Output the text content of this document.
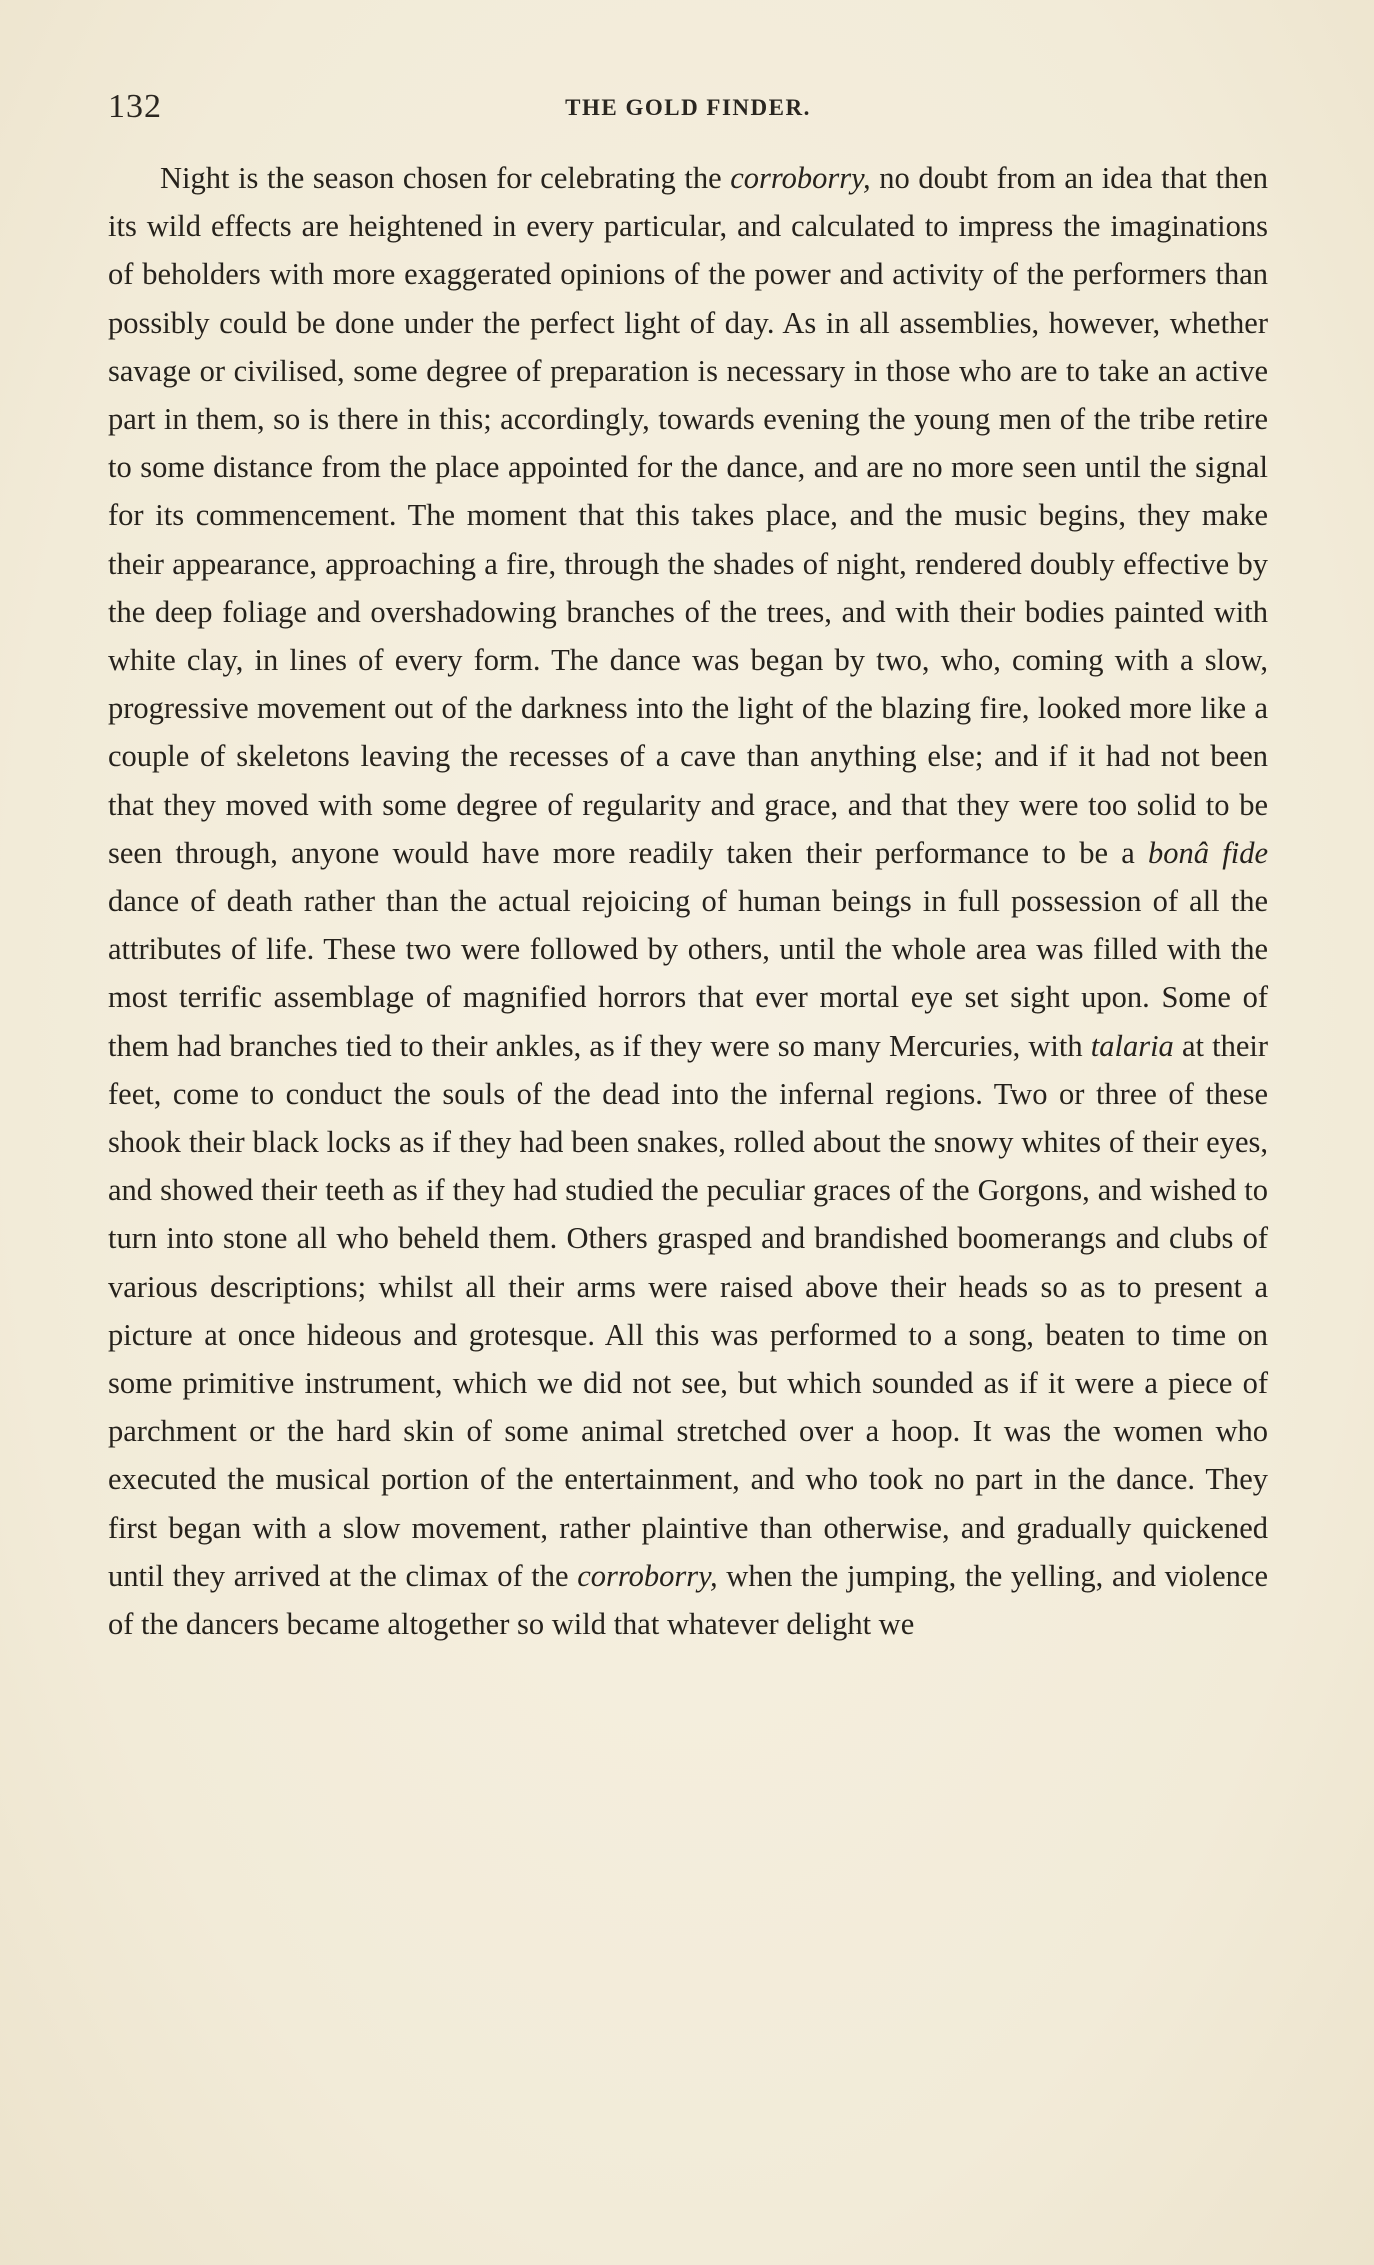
132	THE GOLD FINDER.

Night is the season chosen for celebrating the corroborry, no doubt from an idea that then its wild effects are heightened in every particular, and calculated to impress the imaginations of beholders with more exaggerated opinions of the power and activity of the performers than possibly could be done under the perfect light of day. As in all assemblies, however, whether savage or civilised, some degree of preparation is necessary in those who are to take an active part in them, so is there in this; accordingly, towards evening the young men of the tribe retire to some distance from the place appointed for the dance, and are no more seen until the signal for its commencement. The moment that this takes place, and the music begins, they make their appearance, approaching a fire, through the shades of night, rendered doubly effective by the deep foliage and overshadowing branches of the trees, and with their bodies painted with white clay, in lines of every form. The dance was began by two, who, coming with a slow, progressive movement out of the darkness into the light of the blazing fire, looked more like a couple of skeletons leaving the recesses of a cave than anything else; and if it had not been that they moved with some degree of regularity and grace, and that they were too solid to be seen through, anyone would have more readily taken their performance to be a bonâ fide dance of death rather than the actual rejoicing of human beings in full possession of all the attributes of life. These two were followed by others, until the whole area was filled with the most terrific assemblage of magnified horrors that ever mortal eye set sight upon. Some of them had branches tied to their ankles, as if they were so many Mercuries, with talaria at their feet, come to conduct the souls of the dead into the infernal regions. Two or three of these shook their black locks as if they had been snakes, rolled about the snowy whites of their eyes, and showed their teeth as if they had studied the peculiar graces of the Gorgons, and wished to turn into stone all who beheld them. Others grasped and brandished boomerangs and clubs of various descriptions; whilst all their arms were raised above their heads so as to present a picture at once hideous and grotesque. All this was performed to a song, beaten to time on some primitive instrument, which we did not see, but which sounded as if it were a piece of parchment or the hard skin of some animal stretched over a hoop. It was the women who executed the musical portion of the entertainment, and who took no part in the dance. They first began with a slow movement, rather plaintive than otherwise, and gradually quickened until they arrived at the climax of the corroborry, when the jumping, the yelling, and violence of the dancers became altogether so wild that whatever delight we
